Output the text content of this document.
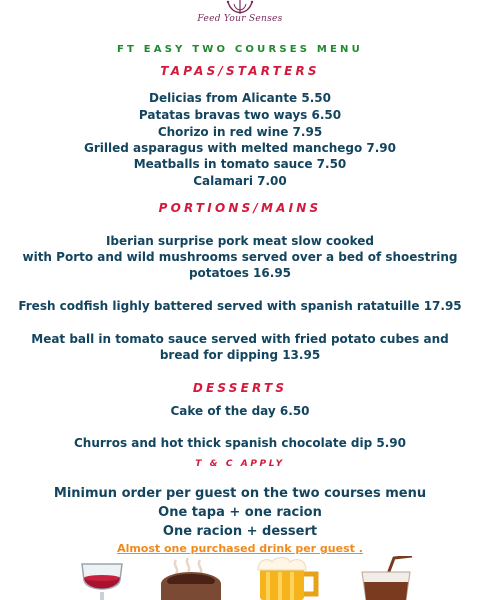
Feed Your Senses
FT EASY TWO COURSES MENU
TAPAS/STARTERS
Delicias from Alicante 5.50
Patatas bravas two ways 6.50
Chorizo in red wine 7.95
Grilled asparagus with melted manchego 7.90
Meatballs in tomato sauce 7.50
Calamari 7.00
PORTIONS/MAINS
Iberian surprise pork meat slow cooked
with Porto and wild mushrooms served over a bed of shoestring
potatoes 16.95
Fresh codfish lighly battered served with spanish ratatuille 17.95
Meat ball in tomato sauce served with fried potato cubes and
bread for dipping 13.95
DESSERTS
Cake of the day 6.50
Churros and hot thick spanish chocolate dip 5.90
T & C APPLY
Minimun order per guest on the two courses menu
One tapa + one racion
One racion + dessert
Almost one purchased drink per guest .
